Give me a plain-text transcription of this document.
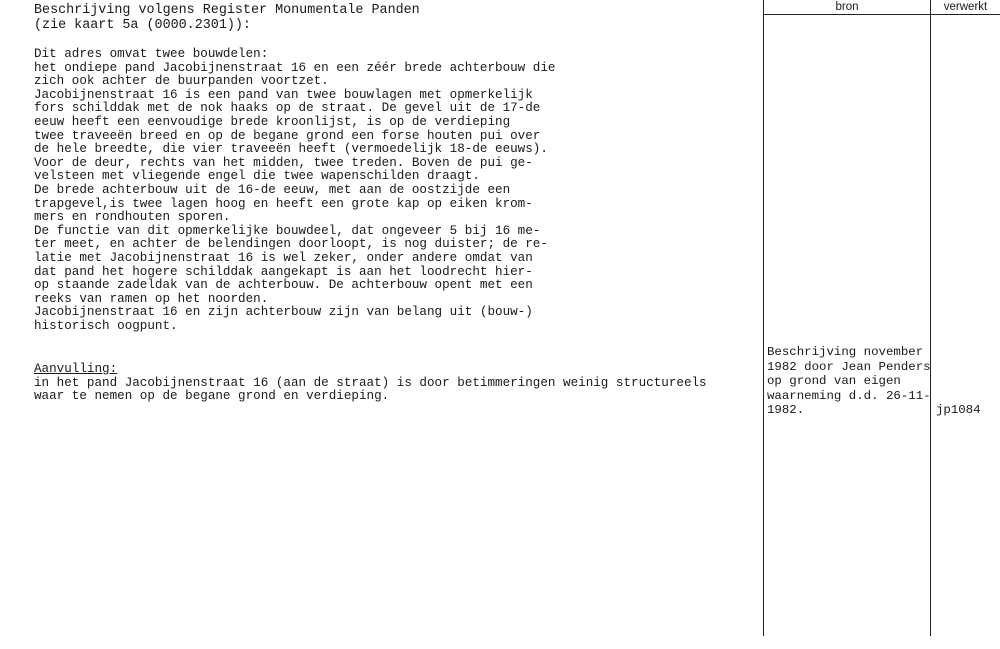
Beschrijving volgens Register Monumentale Panden
(zie kaart 5a (0000.2301)):
Dit adres omvat twee bouwdelen:
het ondiepe pand Jacobijnenstraat 16 en een zéér brede achterbouw die
zich ook achter de buurpanden voortzet.
Jacobijnenstraat 16 is een pand van twee bouwlagen met opmerkelijk
fors schilddak met de nok haaks op de straat. De gevel uit de 17-de
eeuw heeft een eenvoudige brede kroonlijst, is op de verdieping
twee traveeën breed en op de begane grond een forse houten pui over
de hele breedte, die vier traveeën heeft (vermoedelijk 18-de eeuws).
Voor de deur, rechts van het midden, twee treden. Boven de pui ge-
velsteen met vliegende engel die twee wapenschilden draagt.
De brede achterbouw uit de 16-de eeuw, met aan de oostzijde een
trapgevel,is twee lagen hoog en heeft een grote kap op eiken krom-
mers en rondhouten sporen.
De functie van dit opmerkelijke bouwdeel, dat ongeveer 5 bij 16 me-
ter meet, en achter de belendingen doorloopt, is nog duister; de re-
latie met Jacobijnenstraat 16 is wel zeker, onder andere omdat van
dat pand het hogere schilddak aangekapt is aan het loodrecht hier-
op staande zadeldak van de achterbouw. De achterbouw opent met een
reeks van ramen op het noorden.
Jacobijnenstraat 16 en zijn achterbouw zijn van belang uit (bouw-)
historisch oogpunt.
Aanvulling:
in het pand Jacobijnenstraat 16 (aan de straat) is door betimmeringen weinig structureels
waar te nemen op de begane grond en verdieping.
bron	verwerkt
Beschrijving november
1982 door Jean Penders
op grond van eigen
waarneming d.d. 26-11-
1982.	jp1084
